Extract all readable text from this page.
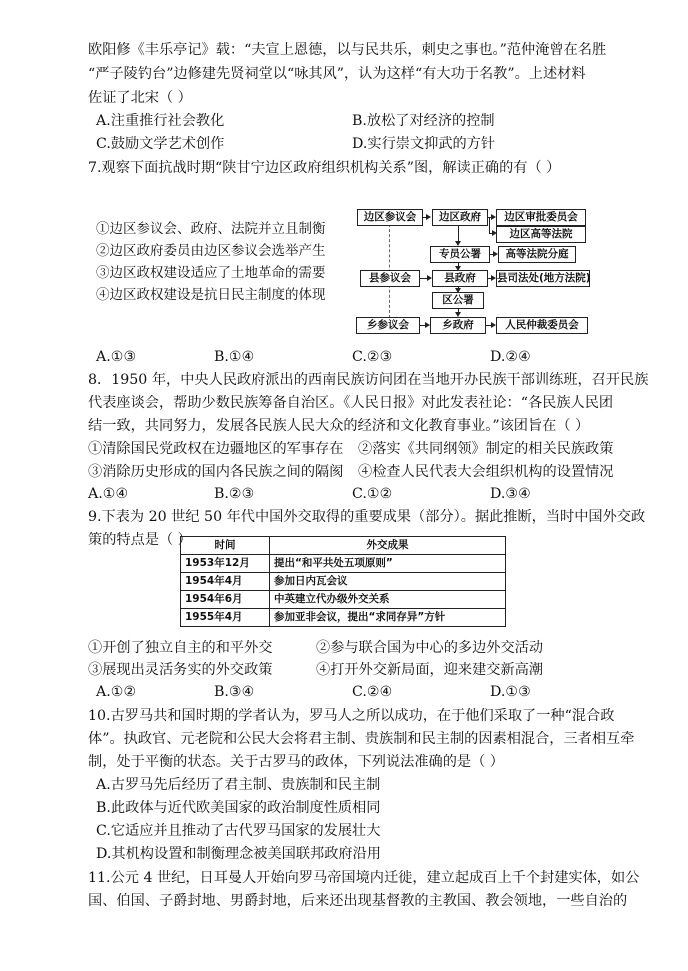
欧阳修《丰乐亭记》载：“夫宣上恩德，以与民共乐，刺史之事也。”范仲淹曾在名胜
“严子陵钓台”边修建先贤祠堂以“咏其风”，认为这样“有大功于名教”。上述材料
佐证了北宋（ ）
A.注重推行社会教化	B.放松了对经济的控制
C.鼓励文学艺术创作	D.实行崇文抑武的方针
7.观察下面抗战时期“陕甘宁边区政府组织机构关系”图，解读正确的有（ ）
①边区参议会、政府、法院并立且制衡
②边区政府委员由边区参议会选举产生
③边区政权建设适应了土地革命的需要
④边区政权建设是抗日民主制度的体现
边区参议会	边区政府	边区审批委员会
边区高等法院
专员公署	高等法院分庭
县参议会	县政府	县司法处(地方法院)
区公署
乡参议会	乡政府	人民仲裁委员会
A.①③	B.①④	C.②③	D.②④
8．1950 年，中央人民政府派出的西南民族访问团在当地开办民族干部训练班，召开民族
代表座谈会，帮助少数民族筹备自治区。《人民日报》对此发表社论：“各民族人民团
结一致，共同努力，发展各民族人民大众的经济和文化教育事业。”该团旨在（ ）
①清除国民党政权在边疆地区的军事存在 ②落实《共同纲领》制定的相关民族政策
③消除历史形成的国内各民族之间的隔阂 ④检查人民代表大会组织机构的设置情况
A.①④	B.②③	C.①②	D.③④
9.下表为 20 世纪 50 年代中国外交取得的重要成果（部分）。据此推断，当时中国外交政
策的特点是（ ） 时间	外交成果
1953年12月	提出“和平共处五项原则”
1954年4月	参加日内瓦会议
1954年6月	中英建立代办级外交关系
1955年4月	参加亚非会议，提出“求同存异”方针
①开创了独立自主的和平外交	②参与联合国为中心的多边外交活动
③展现出灵活务实的外交政策	④打开外交新局面，迎来建交新高潮
A.①②	B.③④	C.②④	D.①③
10.古罗马共和国时期的学者认为，罗马人之所以成功，在于他们采取了一种“混合政
体”。执政官、元老院和公民大会将君主制、贵族制和民主制的因素相混合，三者相互牵
制，处于平衡的状态。关于古罗马的政体，下列说法准确的是（ ）
A.古罗马先后经历了君主制、贵族制和民主制
B.此政体与近代欧美国家的政治制度性质相同
C.它适应并且推动了古代罗马国家的发展壮大
D.其机构设置和制衡理念被美国联邦政府沿用
11.公元 4 世纪，日耳曼人开始向罗马帝国境内迁徙，建立起成百上千个封建实体，如公
国、伯国、子爵封地、男爵封地，后来还出现基督教的主教国、教会领地，一些自治的
